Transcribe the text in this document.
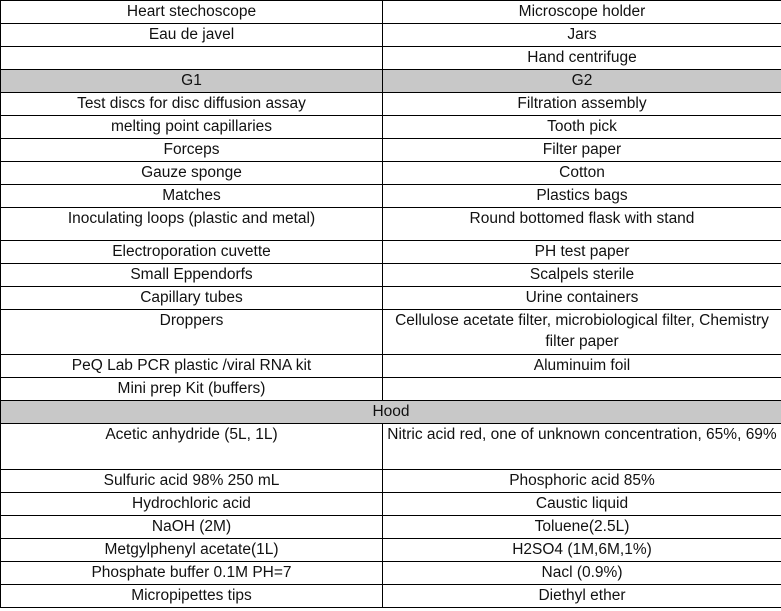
Heart stechoscope	Microscope holder
Eau de javel	Jars
	Hand centrifuge
G1	G2
Test discs for disc diffusion assay	Filtration assembly
melting point capillaries	Tooth pick
Forceps	Filter paper
Gauze sponge	Cotton
Matches	Plastics bags
Inoculating loops (plastic and metal)	Round bottomed flask with stand
Electroporation cuvette	PH test paper
Small Eppendorfs	Scalpels sterile
Capillary tubes	Urine containers
Droppers	Cellulose acetate filter, microbiological filter, Chemistry filter paper
PeQ Lab PCR plastic /viral RNA kit	Aluminuim foil
Mini prep Kit (buffers)	
Hood	
Acetic anhydride (5L, 1L)	Nitric acid red, one of unknown concentration, 65%, 69%
Sulfuric acid 98% 250 mL	Phosphoric acid 85%
Hydrochloric acid	Caustic liquid
NaOH (2M)	Toluene(2.5L)
Metgylphenyl acetate(1L)	H2SO4 (1M,6M,1%)
Phosphate buffer 0.1M PH=7	Nacl (0.9%)
Micropipettes tips	Diethyl ether
